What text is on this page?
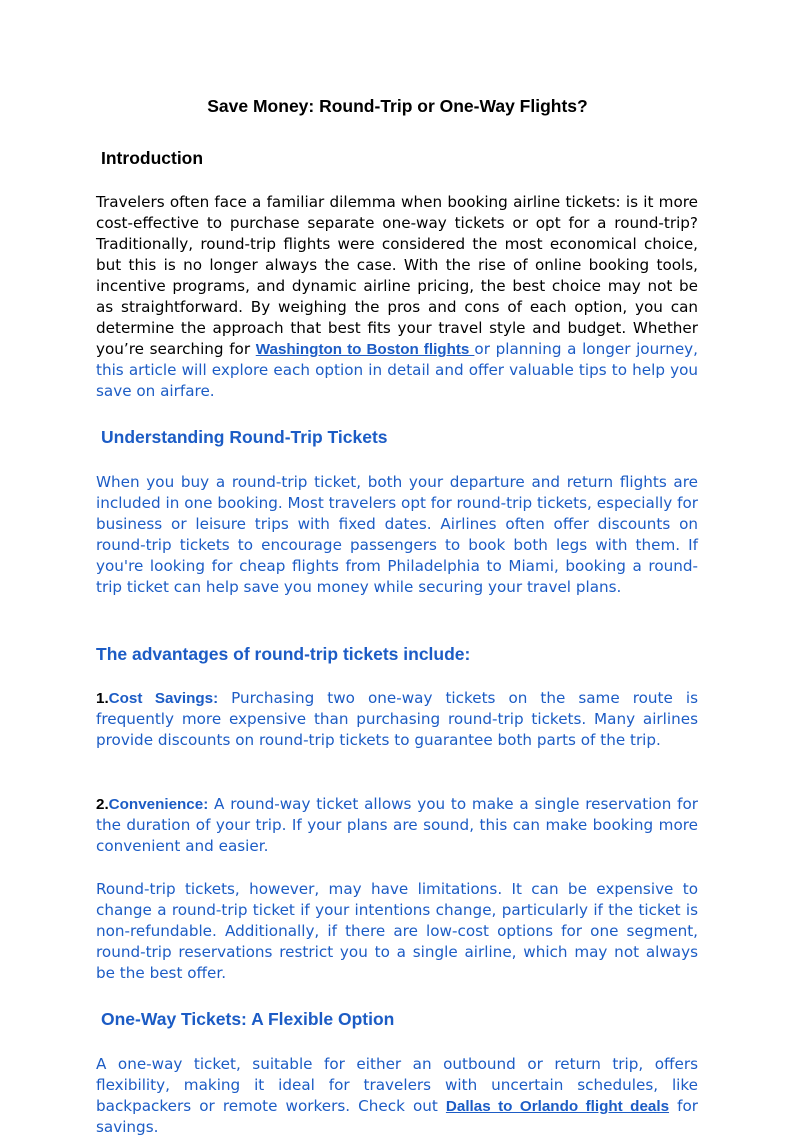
Save Money: Round-Trip or One-Way Flights?
Introduction

Travelers often face a familiar dilemma when booking airline tickets: is it more cost-effective to purchase separate one-way tickets or opt for a round-trip? Traditionally, round-trip flights were considered the most economical choice, but this is no longer always the case. With the rise of online booking tools, incentive programs, and dynamic airline pricing, the best choice may not be as straightforward. By weighing the pros and cons of each option, you can determine the approach that best fits your travel style and budget. Whether you’re searching for Washington to Boston flights or planning a longer journey, this article will explore each option in detail and offer valuable tips to help you save on airfare.

Understanding Round-Trip Tickets

When you buy a round-trip ticket, both your departure and return flights are included in one booking. Most travelers opt for round-trip tickets, especially for business or leisure trips with fixed dates. Airlines often offer discounts on round-trip tickets to encourage passengers to book both legs with them. If you're looking for cheap flights from Philadelphia to Miami, booking a round-trip ticket can help save you money while securing your travel plans.

The advantages of round-trip tickets include:

1.Cost Savings: Purchasing two one-way tickets on the same route is frequently more expensive than purchasing round-trip tickets. Many airlines provide discounts on round-trip tickets to guarantee both parts of the trip.

2.Convenience: A round-way ticket allows you to make a single reservation for the duration of your trip. If your plans are sound, this can make booking more convenient and easier.

Round-trip tickets, however, may have limitations. It can be expensive to change a round-trip ticket if your intentions change, particularly if the ticket is non-refundable. Additionally, if there are low-cost options for one segment, round-trip reservations restrict you to a single airline, which may not always be the best offer.

One-Way Tickets: A Flexible Option

A one-way ticket, suitable for either an outbound or return trip, offers flexibility, making it ideal for travelers with uncertain schedules, like backpackers or remote workers. Check out Dallas to Orlando flight deals for savings.
